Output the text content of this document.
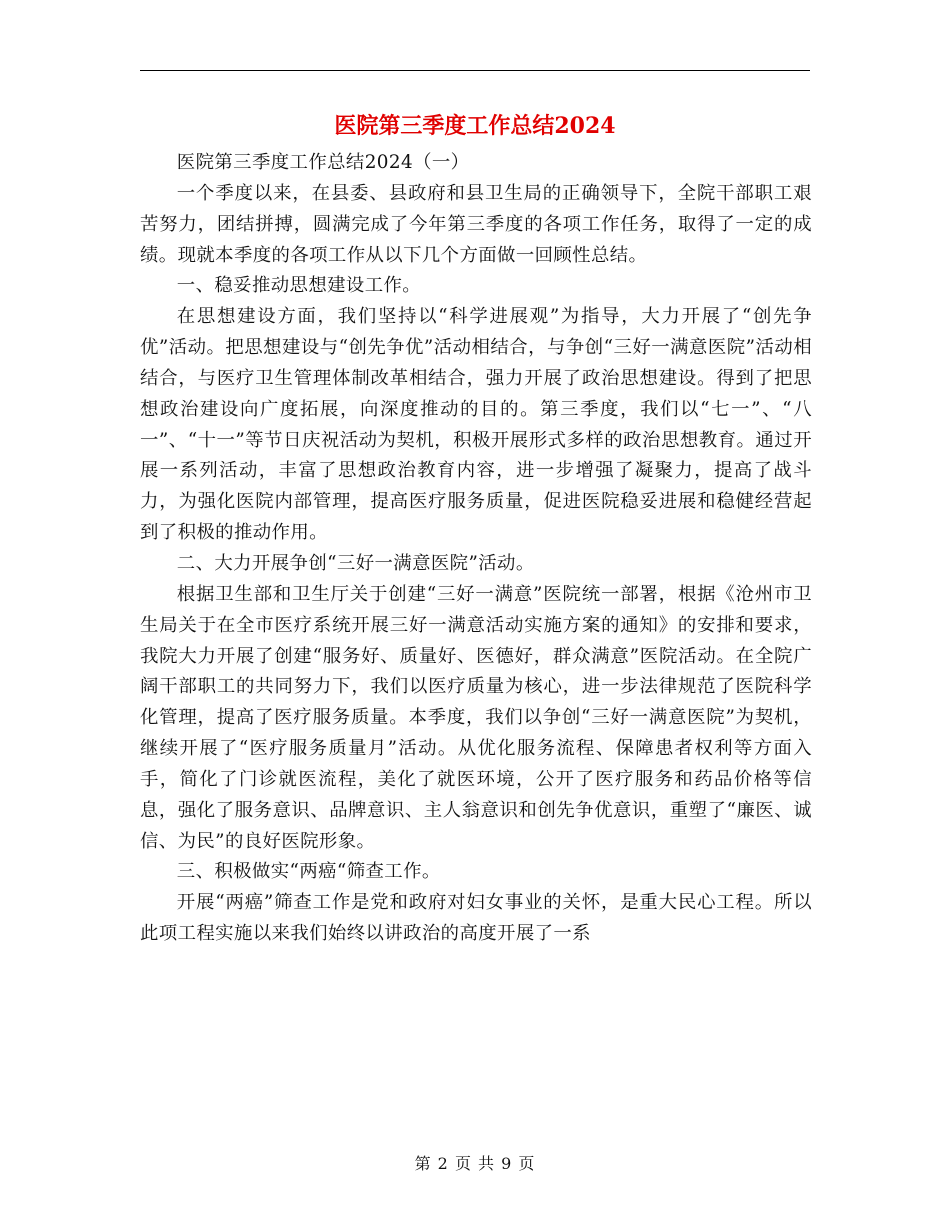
医院第三季度工作总结2024

医院第三季度工作总结2024（一）

一个季度以来，在县委、县政府和县卫生局的正确领导下，全院干部职工艰苦努力，团结拼搏，圆满完成了今年第三季度的各项工作任务，取得了一定的成绩。现就本季度的各项工作从以下几个方面做一回顾性总结。

一、稳妥推动思想建设工作。

在思想建设方面，我们坚持以“科学进展观”为指导，大力开展了“创先争优”活动。把思想建设与“创先争优”活动相结合，与争创“三好一满意医院”活动相结合，与医疗卫生管理体制改革相结合，强力开展了政治思想建设。得到了把思想政治建设向广度拓展，向深度推动的目的。第三季度，我们以“七一”、“八一”、“十一”等节日庆祝活动为契机，积极开展形式多样的政治思想教育。通过开展一系列活动，丰富了思想政治教育内容，进一步增强了凝聚力，提高了战斗力，为强化医院内部管理，提高医疗服务质量，促进医院稳妥进展和稳健经营起到了积极的推动作用。

二、大力开展争创“三好一满意医院”活动。

根据卫生部和卫生厅关于创建“三好一满意”医院统一部署，根据《沧州市卫生局关于在全市医疗系统开展三好一满意活动实施方案的通知》的安排和要求，我院大力开展了创建“服务好、质量好、医德好，群众满意”医院活动。在全院广阔干部职工的共同努力下，我们以医疗质量为核心，进一步法律规范了医院科学化管理，提高了医疗服务质量。本季度，我们以争创“三好一满意医院”为契机，继续开展了“医疗服务质量月”活动。从优化服务流程、保障患者权利等方面入手，简化了门诊就医流程，美化了就医环境，公开了医疗服务和药品价格等信息，强化了服务意识、品牌意识、主人翁意识和创先争优意识，重塑了“廉医、诚信、为民”的良好医院形象。

三、积极做实“两癌“筛查工作。

开展“两癌”筛查工作是党和政府对妇女事业的关怀，是重大民心工程。所以此项工程实施以来我们始终以讲政治的高度开展了一系

第 2 页 共 9 页
